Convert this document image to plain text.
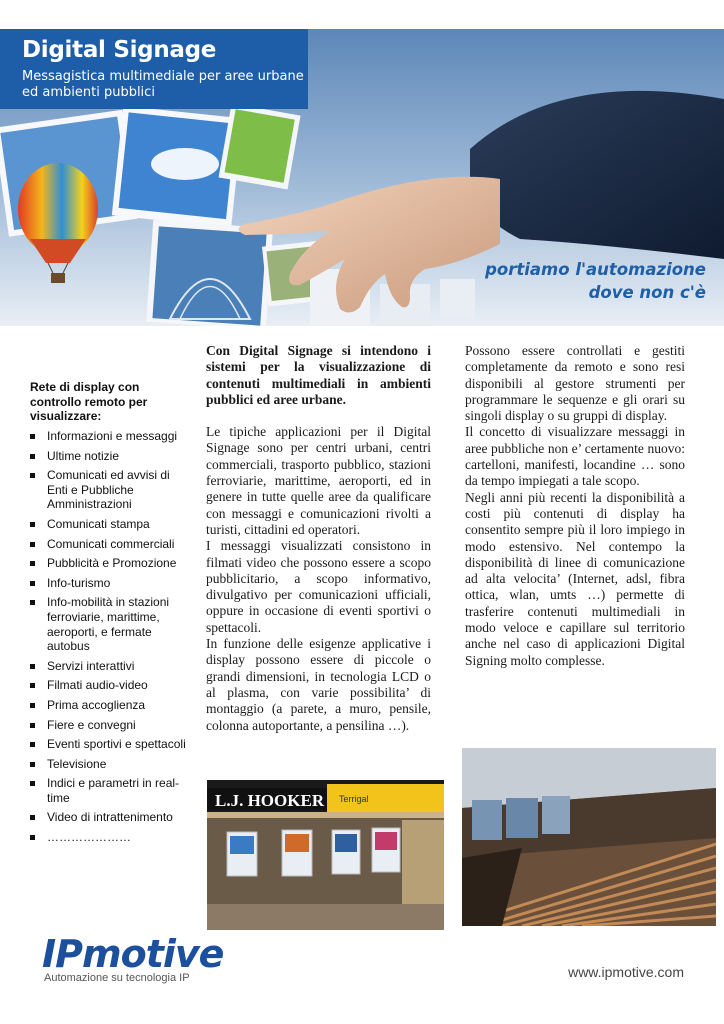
Digital Signage
Messagistica multimediale per aree urbane ed ambienti pubblici
portiamo l'automazione
dove non c'è
Rete di display con controllo remoto per visualizzare:
Informazioni e messaggi
Ultime notizie
Comunicati ed avvisi di Enti e Pubbliche Amministrazioni
Comunicati stampa
Comunicati commerciali
Pubblicità e Promozione
Info-turismo
Info-mobilità in stazioni ferroviarie, marittime, aeroporti, e fermate autobus
Servizi interattivi
Filmati audio-video
Prima accoglienza
Fiere e convegni
Eventi sportivi e spettacoli
Televisione
Indici e parametri in real-time
Video di intrattenimento
…………………

Con Digital Signage si intendono i sistemi per la visualizzazione di contenuti multimediali in ambienti pubblici ed aree urbane.

Le tipiche applicazioni per il Digital Signage sono per centri urbani, centri commerciali, trasporto pubblico, stazioni ferroviarie, marittime, aeroporti, ed in genere in tutte quelle aree da qualificare con messaggi e comunicazioni rivolti a turisti, cittadini ed operatori.

I messaggi visualizzati consistono in filmati video che possono essere a scopo pubblicitario, a scopo informativo, divulgativo per comunicazioni ufficiali, oppure in occasione di eventi sportivi o spettacoli.

In funzione delle esigenze applicative i display possono essere di piccole o grandi dimensioni, in tecnologia LCD o al plasma, con varie possibilita’ di montaggio (a parete, a muro, pensile, colonna autoportante, a pensilina …).

Possono essere controllati e gestiti completamente da remoto e sono resi disponibili al gestore strumenti per programmare le sequenze e gli orari su singoli display o su gruppi di display.

Il concetto di visualizzare messaggi in aree pubbliche non e’ certamente nuovo: cartelloni, manifesti, locandine … sono da tempo impiegati a tale scopo.

Negli anni più recenti la disponibilità a costi più contenuti di display ha consentito sempre più il loro impiego in modo estensivo. Nel contempo la disponibilità di linee di comunicazione ad alta velocita’ (Internet, adsl, fibra ottica, wlan, umts …) permette di trasferire contenuti multimediali in modo veloce e capillare sul territorio anche nel caso di applicazioni Digital Signing molto complesse.

L.J. HOOKER Terrigal
IPmotive
Automazione su tecnologia IP	www.ipmotive.com
